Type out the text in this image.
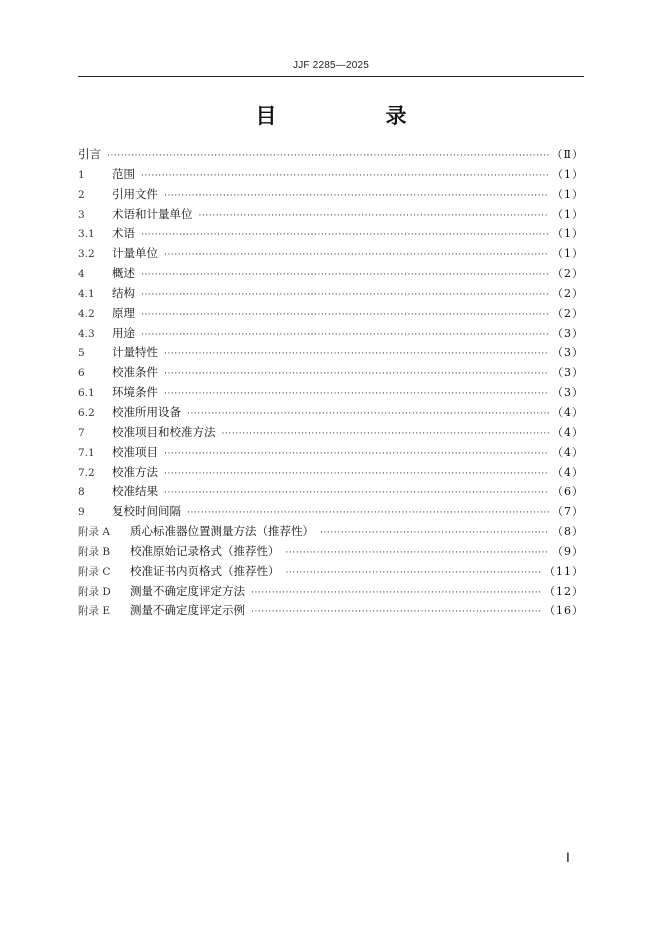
JJF 2285—2025
目　录
引言 ·····	（Ⅱ）
1 范围 ·····	（1）
2 引用文件 ·····	（1）
3 术语和计量单位 ·····	（1）
3.1 术语 ·····	（1）
3.2 计量单位 ·····	（1）
4 概述 ·····	（2）
4.1 结构 ·····	（2）
4.2 原理 ·····	（2）
4.3 用途 ·····	（3）
5 计量特性 ·····	（3）
6 校准条件 ·····	（3）
6.1 环境条件 ·····	（3）
6.2 校准所用设备 ·····	（4）
7 校准项目和校准方法 ·····	（4）
7.1 校准项目 ·····	（4）
7.2 校准方法 ·····	（4）
8 校准结果 ·····	（6）
9 复校时间间隔 ·····	（7）
附录 A 质心标准器位置测量方法（推荐性） ·····	（8）
附录 B 校准原始记录格式（推荐性） ·····	（9）
附录 C 校准证书内页格式（推荐性） ·····	（11）
附录 D 测量不确定度评定方法 ·····	（12）
附录 E 测量不确定度评定示例 ·····	（16）
Ⅰ
